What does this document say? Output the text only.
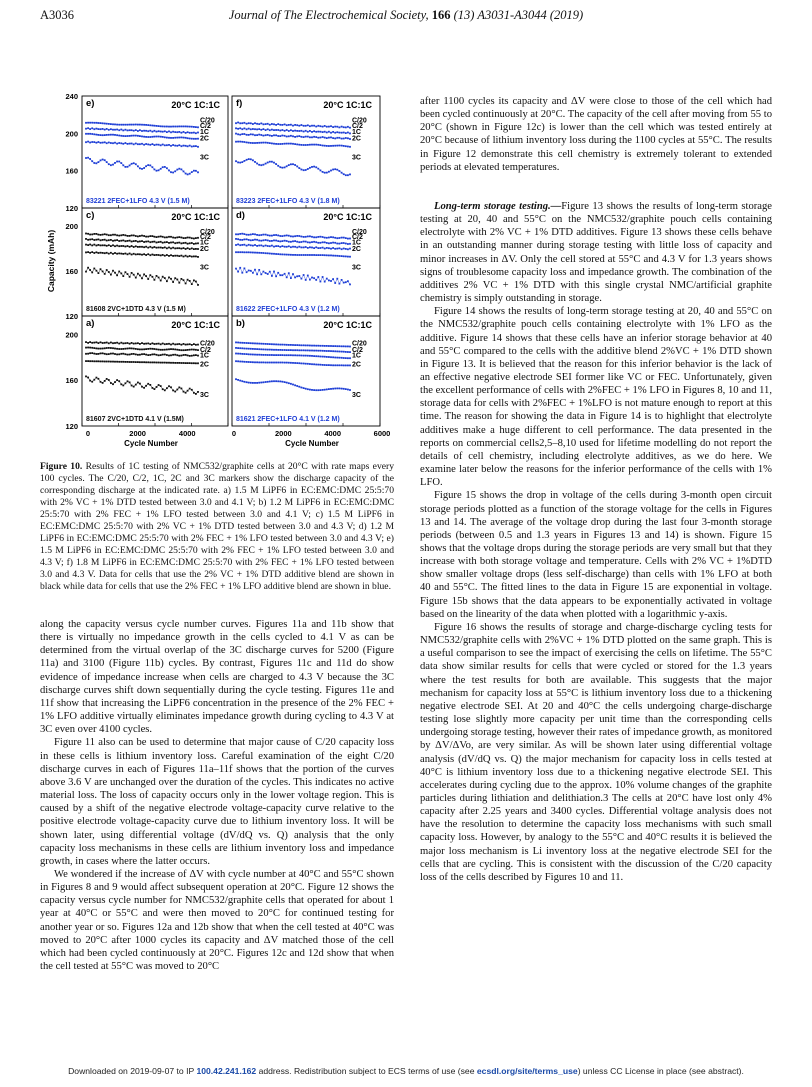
A3036	Journal of The Electrochemical Society, 166 (13) A3031-A3044 (2019)
Capacity (mAh)
240
200
160
120
200
160
120
200
160
120
e)	20°C 1C:1C
C/20
C/2
1C
2C
3C
83221 2FEC+1LFO 4.3 V (1.5 M)
f)	20°C 1C:1C
C/20
C/2
1C
2C
3C
83223 2FEC+1LFO 4.3 V (1.8 M)
c)	20°C 1C:1C
C/20
C/2
1C
2C
3C
81608 2VC+1DTD 4.3 V (1.5 M)
d)	20°C 1C:1C
C/20
C/2
1C
2C
3C
81622 2FEC+1LFO 4.3 V (1.2 M)
a)	20°C 1C:1C
C/20
C/2
1C
2C
3C
81607 2VC+1DTD 4.1 V (1.5M)
b)	20°C 1C:1C
C/20
C/2
1C
2C
3C
81621 2FEC+1LFO 4.1 V (1.2 M)
0	2000	4000	0	2000	4000	6000
Cycle Number	Cycle Number

Figure 10. Results of 1C testing of NMC532/graphite cells at 20°C with rate maps every 100 cycles. The C/20, C/2, 1C, 2C and 3C markers show the discharge capacity of the corresponding discharge at the indicated rate. a) 1.5 M LiPF6 in EC:EMC:DMC 25:5:70 with 2% VC + 1% DTD tested between 3.0 and 4.1 V; b) 1.2 M LiPF6 in EC:EMC:DMC 25:5:70 with 2% FEC + 1% LFO tested between 3.0 and 4.1 V; c) 1.5 M LiPF6 in EC:EMC:DMC 25:5:70 with 2% VC + 1% DTD tested between 3.0 and 4.3 V; d) 1.2 M LiPF6 in EC:EMC:DMC 25:5:70 with 2% FEC + 1% LFO tested between 3.0 and 4.3 V; e) 1.5 M LiPF6 in EC:EMC:DMC 25:5:70 with 2% FEC + 1% LFO tested between 3.0 and 4.3 V; f) 1.8 M LiPF6 in EC:EMC:DMC 25:5:70 with 2% FEC + 1% LFO tested between 3.0 and 4.3 V. Data for cells that use the 2% VC + 1% DTD additive blend are shown in black while data for cells that use the 2% FEC + 1% LFO additive blend are shown in blue.

along the capacity versus cycle number curves. Figures 11a and 11b show that there is virtually no impedance growth in the cells cycled to 4.1 V as can be determined from the virtual overlap of the 3C discharge curves for 5200 (Figure 11a) and 3100 (Figure 11b) cycles. By contrast, Figures 11c and 11d do show evidence of impedance increase when cells are charged to 4.3 V because the 3C discharge curves shift down sequentially during the cycle testing. Figures 11e and 11f show that increasing the LiPF6 concentration in the presence of the 2% FEC + 1% LFO additive virtually eliminates impedance growth during cycling to 4.3 V at 3C even over 4100 cycles.

Figure 11 also can be used to determine that major cause of C/20 capacity loss in these cells is lithium inventory loss. Careful examination of the eight C/20 discharge curves in each of Figures 11a–11f shows that the portion of the curves above 3.6 V are unchanged over the duration of the cycles. This indicates no active material loss. The loss of capacity occurs only in the lower voltage region. This is caused by a shift of the negative electrode voltage-capacity curve relative to the positive electrode voltage-capacity curve due to lithium inventory loss. It will be shown later, using differential voltage (dV/dQ vs. Q) analysis that the only capacity loss mechanisms in these cells are lithium inventory loss and impedance growth, in cases where the latter occurs.

We wondered if the increase of ΔV with cycle number at 40°C and 55°C shown in Figures 8 and 9 would affect subsequent operation at 20°C. Figure 12 shows the capacity versus cycle number for NMC532/graphite cells that operated for about 1 year at 40°C or 55°C and were then moved to 20°C for continued testing for another year or so. Figures 12a and 12b show that when the cell tested at 40°C was moved to 20°C after 1000 cycles its capacity and ΔV matched those of the cell which had been cycled continuously at 20°C. Figures 12c and 12d show that when the cell tested at 55°C was moved to 20°C

after 1100 cycles its capacity and ΔV were close to those of the cell which had been cycled continuously at 20°C. The capacity of the cell after moving from 55 to 20°C (shown in Figure 12c) is lower than the cell which was tested entirely at 20°C because of lithium inventory loss during the 1100 cycles at 55°C. The results in Figure 12 demonstrate this cell chemistry is extremely tolerant to extended periods at elevated temperatures.

Long-term storage testing.—Figure 13 shows the results of long-term storage testing at 20, 40 and 55°C on the NMC532/graphite pouch cells containing electrolyte with 2% VC + 1% DTD additives. Figure 13 shows these cells behave in an outstanding manner during storage testing with little loss of capacity and minor increases in ΔV. Only the cell stored at 55°C and 4.3 V for 1.3 years shows signs of troublesome capacity loss and impedance growth. The combination of the additives 2% VC + 1% DTD with this single crystal NMC/artificial graphite chemistry is simply outstanding in storage.

Figure 14 shows the results of long-term storage testing at 20, 40 and 55°C on the NMC532/graphite pouch cells containing electrolyte with 1% LFO as the additive. Figure 14 shows that these cells have an inferior storage behavior at 40 and 55°C compared to the cells with the additive blend 2%VC + 1% DTD shown in Figure 13. It is believed that the reason for this inferior behavior is the lack of an effective negative electrode SEI former like VC or FEC. Unfortunately, given the excellent performance of cells with 2%FEC + 1% LFO in Figures 8, 10 and 11, storage data for cells with 2%FEC + 1%LFO is not mature enough to report at this time. The reason for showing the data in Figure 14 is to highlight that electrolyte additives make a huge different to cell performance. The data presented in the reports on commercial cells2,5–8,10 used for lifetime modelling do not report the details of cell chemistry, including electrolyte additives, as we do here. We examine later below the reasons for the inferior performance of the cells with 1% LFO.

Figure 15 shows the drop in voltage of the cells during 3-month open circuit storage periods plotted as a function of the storage voltage for the cells in Figures 13 and 14. The average of the voltage drop during the last four 3-month storage periods (between 0.5 and 1.3 years in Figures 13 and 14) is shown. Figure 15 shows that the voltage drops during the storage periods are very small but that they increase with both storage voltage and temperature. Cells with 2% VC + 1%DTD show smaller voltage drops (less self-discharge) than cells with 1% LFO at both 40 and 55°C. The fitted lines to the data in Figure 15 are exponential in voltage. Figure 15b shows that the data appears to be exponentially activated in voltage based on the linearity of the data when plotted with a logarithmic y-axis.

Figure 16 shows the results of storage and charge-discharge cycling tests for NMC532/graphite cells with 2%VC + 1% DTD plotted on the same graph. This is a useful comparison to see the impact of exercising the cells on lifetime. The 55°C data show similar results for cells that were cycled or stored for the 1.3 years where the test results for both are available. This suggests that the major mechanism for capacity loss at 55°C is lithium inventory loss due to a thickening negative electrode SEI. At 20 and 40°C the cells undergoing charge-discharge testing lose slightly more capacity per unit time than the corresponding cells undergoing storage testing, however their rates of impedance growth, as monitored by ΔV/ΔVo, are very similar. As will be shown later using differential voltage analysis (dV/dQ vs. Q) the major mechanism for capacity loss in cells tested at 40°C is lithium inventory loss due to a thickening negative electrode SEI. This accelerates during cycling due to the approx. 10% volume changes of the graphite particles during lithiation and delithiation.3 The cells at 20°C have lost only 4% capacity after 2.25 years and 3400 cycles. Differential voltage analysis does not have the resolution to determine the capacity loss mechanisms with such small capacity loss. However, by analogy to the 55°C and 40°C results it is believed the major loss mechanism is Li inventory loss at the negative electrode SEI for the cells that are cycling. This is consistent with the discussion of the C/20 capacity loss of the cells described by Figures 10 and 11.

Downloaded on 2019-09-07 to IP 100.42.241.162 address. Redistribution subject to ECS terms of use (see ecsdl.org/site/terms_use) unless CC License in place (see abstract).
